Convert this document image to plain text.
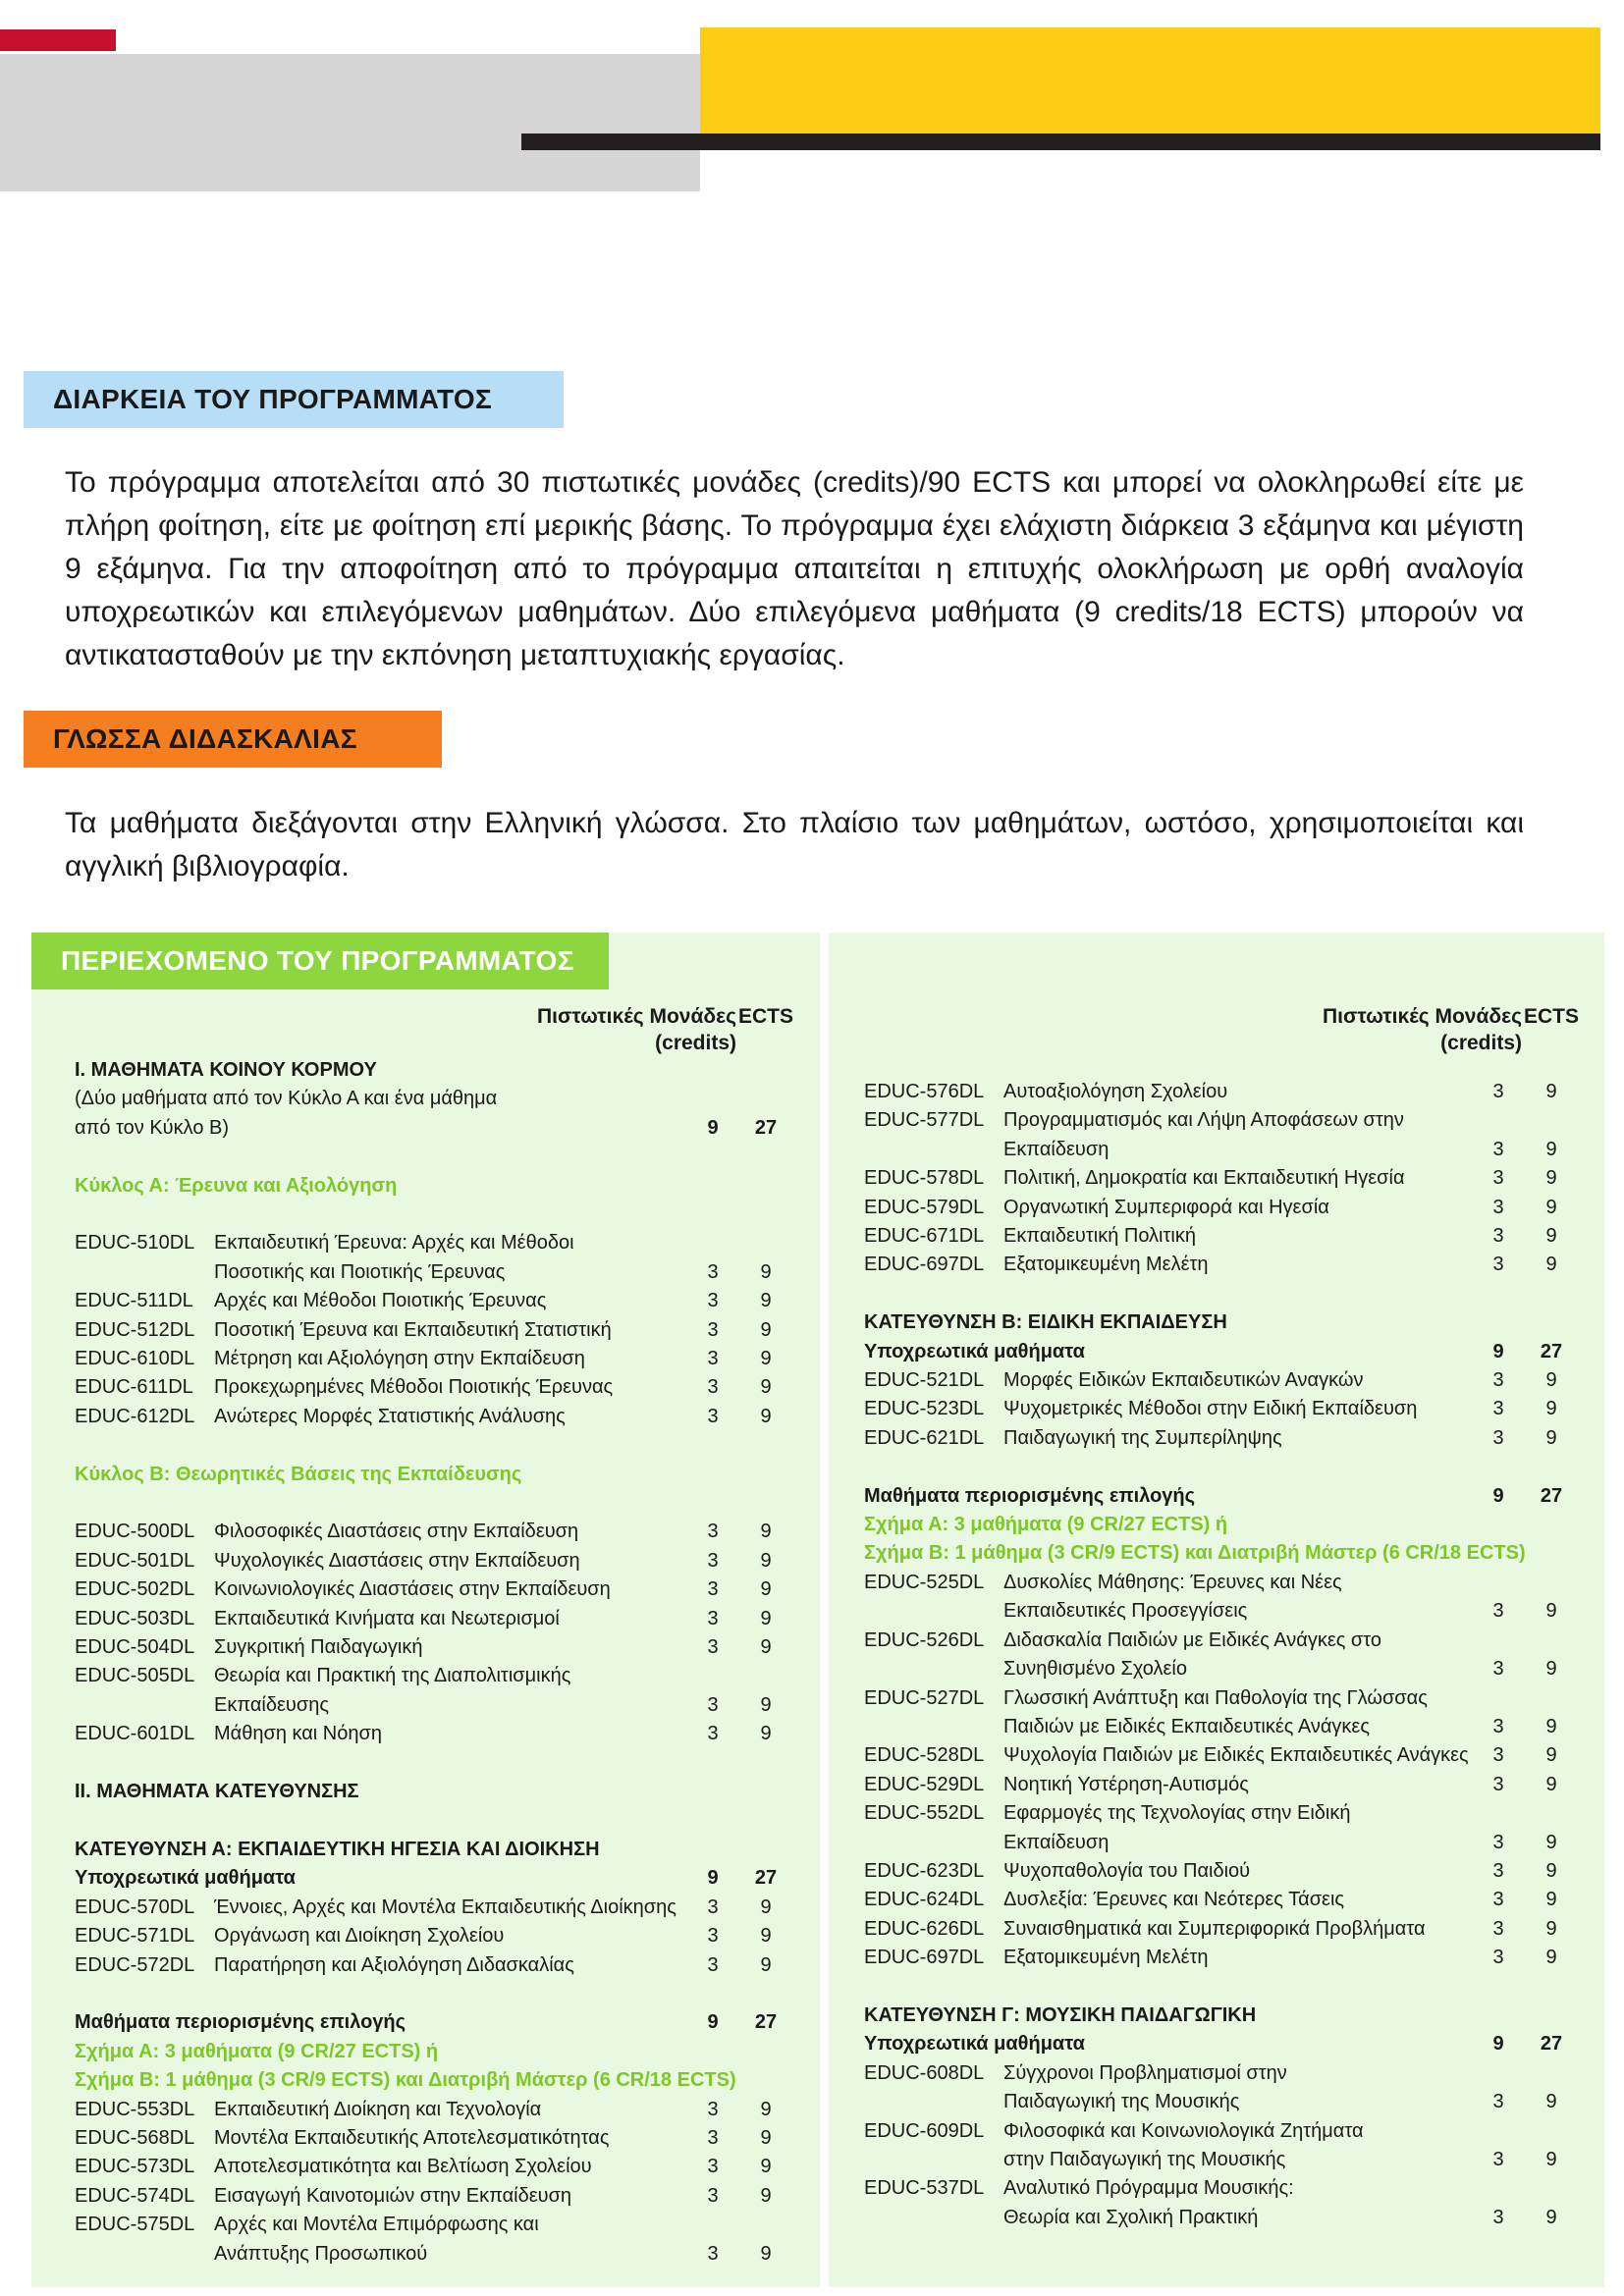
ΔΙΑΡΚΕΙΑ ΤΟΥ ΠΡΟΓΡΑΜΜΑΤΟΣ
Το πρόγραμμα αποτελείται από 30 πιστωτικές μονάδες (credits)/90 ECTS και μπορεί να ολοκληρωθεί είτε με πλήρη φοίτηση, είτε με φοίτηση επί μερικής βάσης. Το πρόγραμμα έχει ελάχιστη διάρκεια 3 εξάμηνα και μέγιστη 9 εξάμηνα. Για την αποφοίτηση από το πρόγραμμα απαιτείται η επιτυχής ολοκλήρωση με ορθή αναλογία υποχρεωτικών και επιλεγόμενων μαθημάτων. Δύο επιλεγόμενα μαθήματα (9 credits/18 ECTS) μπορούν να αντικατασταθούν με την εκπόνηση μεταπτυχιακής εργασίας.
ΓΛΩΣΣΑ ΔΙΔΑΣΚΑΛΙΑΣ
Τα μαθήματα διεξάγονται στην Ελληνική γλώσσα. Στο πλαίσιο των μαθημάτων, ωστόσο, χρησιμοποιείται και αγγλική βιβλιογραφία.
ΠΕΡΙΕΧΟΜΕΝΟ ΤΟΥ ΠΡΟΓΡΑΜΜΑΤΟΣ
Πιστωτικές Μονάδες
(credits)
ECTS
I. ΜΑΘΗΜΑΤΑ ΚΟΙΝΟΥ ΚΟΡΜΟΥ
(Δύο μαθήματα από τον Κύκλο Α και ένα μάθημα
από τον Κύκλο Β)	9	27
Κύκλος Α: Έρευνα και Αξιολόγηση
EDUC-510DL Εκπαιδευτική Έρευνα: Αρχές και Μέθοδοι
Ποσοτικής και Ποιοτικής Έρευνας	3	9
EDUC-511DL	Αρχές και Μέθοδοι Ποιοτικής Έρευνας	3	9
EDUC-512DL Ποσοτική Έρευνα και Εκπαιδευτική Στατιστική	3	9
EDUC-610DL Μέτρηση και Αξιολόγηση στην Εκπαίδευση	3	9
EDUC-611DL	Προκεχωρημένες Μέθοδοι Ποιοτικής Έρευνας	3	9
EDUC-612DL Ανώτερες Μορφές Στατιστικής Ανάλυσης	3	9
Κύκλος Β: Θεωρητικές Βάσεις της Εκπαίδευσης
EDUC-500DL Φιλοσοφικές Διαστάσεις στην Εκπαίδευση	3	9
EDUC-501DL Ψυχολογικές Διαστάσεις στην Εκπαίδευση	3	9
EDUC-502DL Κοινωνιολογικές Διαστάσεις στην Εκπαίδευση	3	9
EDUC-503DL Εκπαιδευτικά Κινήματα και Νεωτερισμοί	3	9
EDUC-504DL Συγκριτική Παιδαγωγική	3	9
EDUC-505DL Θεωρία και Πρακτική της Διαπολιτισμικής
Εκπαίδευσης	3	9
EDUC-601DL Μάθηση και Νόηση	3	9
II. ΜΑΘΗΜΑΤΑ ΚΑΤΕΥΘΥΝΣΗΣ
ΚΑΤΕΥΘΥΝΣΗ Α: ΕΚΠΑΙΔΕΥΤΙΚΗ ΗΓΕΣΙΑ ΚΑΙ ΔΙΟΙΚΗΣΗ
Υποχρεωτικά μαθήματα	9	27
EDUC-570DL Έννοιες, Αρχές και Μοντέλα Εκπαιδευτικής Διοίκησης	3	9
EDUC-571DL Οργάνωση και Διοίκηση Σχολείου	3	9
EDUC-572DL Παρατήρηση και Αξιολόγηση Διδασκαλίας	3	9
Μαθήματα περιορισμένης επιλογής	9	27
Σχήμα Α: 3 μαθήματα (9 CR/27 ECTS) ή
Σχήμα Β: 1 μάθημα (3 CR/9 ECTS) και Διατριβή Μάστερ (6 CR/18 ECTS)
EDUC-553DL Εκπαιδευτική Διοίκηση και Τεχνολογία	3	9
EDUC-568DL Μοντέλα Εκπαιδευτικής Αποτελεσματικότητας	3	9
EDUC-573DL Αποτελεσματικότητα και Βελτίωση Σχολείου	3	9
EDUC-574DL Εισαγωγή Καινοτομιών στην Εκπαίδευση	3	9
EDUC-575DL Αρχές και Μοντέλα Επιμόρφωσης και
Ανάπτυξης Προσωπικού	3	9
Πιστωτικές Μονάδες
(credits)
ECTS
EDUC-576DL Αυτοαξιολόγηση Σχολείου	3	9
EDUC-577DL Προγραμματισμός και Λήψη Αποφάσεων στην
Εκπαίδευση	3	9
EDUC-578DL Πολιτική, Δημοκρατία και Εκπαιδευτική Ηγεσία	3	9
EDUC-579DL Οργανωτική Συμπεριφορά και Ηγεσία	3	9
EDUC-671DL Εκπαιδευτική Πολιτική	3	9
EDUC-697DL Εξατομικευμένη Μελέτη	3	9
ΚΑΤΕΥΘΥΝΣΗ Β: ΕΙΔΙΚΗ ΕΚΠΑΙΔΕΥΣΗ
Υποχρεωτικά μαθήματα	9	27
EDUC-521DL Μορφές Ειδικών Εκπαιδευτικών Αναγκών	3	9
EDUC-523DL Ψυχομετρικές Μέθοδοι στην Ειδική Εκπαίδευση	3	9
EDUC-621DL Παιδαγωγική της Συμπερίληψης	3	9
Μαθήματα περιορισμένης επιλογής	9	27
Σχήμα Α: 3 μαθήματα (9 CR/27 ECTS) ή
Σχήμα Β: 1 μάθημα (3 CR/9 ECTS) και Διατριβή Μάστερ (6 CR/18 ECTS)
EDUC-525DL Δυσκολίες Μάθησης: Έρευνες και Νέες
Εκπαιδευτικές Προσεγγίσεις	3	9
EDUC-526DL Διδασκαλία Παιδιών με Ειδικές Ανάγκες στο
Συνηθισμένο Σχολείο	3	9
EDUC-527DL Γλωσσική Ανάπτυξη και Παθολογία της Γλώσσας
Παιδιών με Ειδικές Εκπαιδευτικές Ανάγκες	3	9
EDUC-528DL Ψυχολογία Παιδιών με Ειδικές Εκπαιδευτικές Ανάγκες	3	9
EDUC-529DL Νοητική Υστέρηση-Αυτισμός	3	9
EDUC-552DL Εφαρμογές της Τεχνολογίας στην Ειδική
Εκπαίδευση	3	9
EDUC-623DL Ψυχοπαθολογία του Παιδιού	3	9
EDUC-624DL Δυσλεξία: Έρευνες και Νεότερες Τάσεις	3	9
EDUC-626DL Συναισθηματικά και Συμπεριφορικά Προβλήματα	3	9
EDUC-697DL Εξατομικευμένη Μελέτη	3	9
ΚΑΤΕΥΘΥΝΣΗ Γ: ΜΟΥΣΙΚΗ ΠΑΙΔΑΓΩΓΙΚΗ
Υποχρεωτικά μαθήματα	9	27
EDUC-608DL Σύγχρονοι Προβληματισμοί στην
Παιδαγωγική της Μουσικής	3	9
EDUC-609DL Φιλοσοφικά και Κοινωνιολογικά Ζητήματα
στην Παιδαγωγική της Μουσικής	3	9
EDUC-537DL Αναλυτικό Πρόγραμμα Μουσικής:
Θεωρία και Σχολική Πρακτική	3	9
